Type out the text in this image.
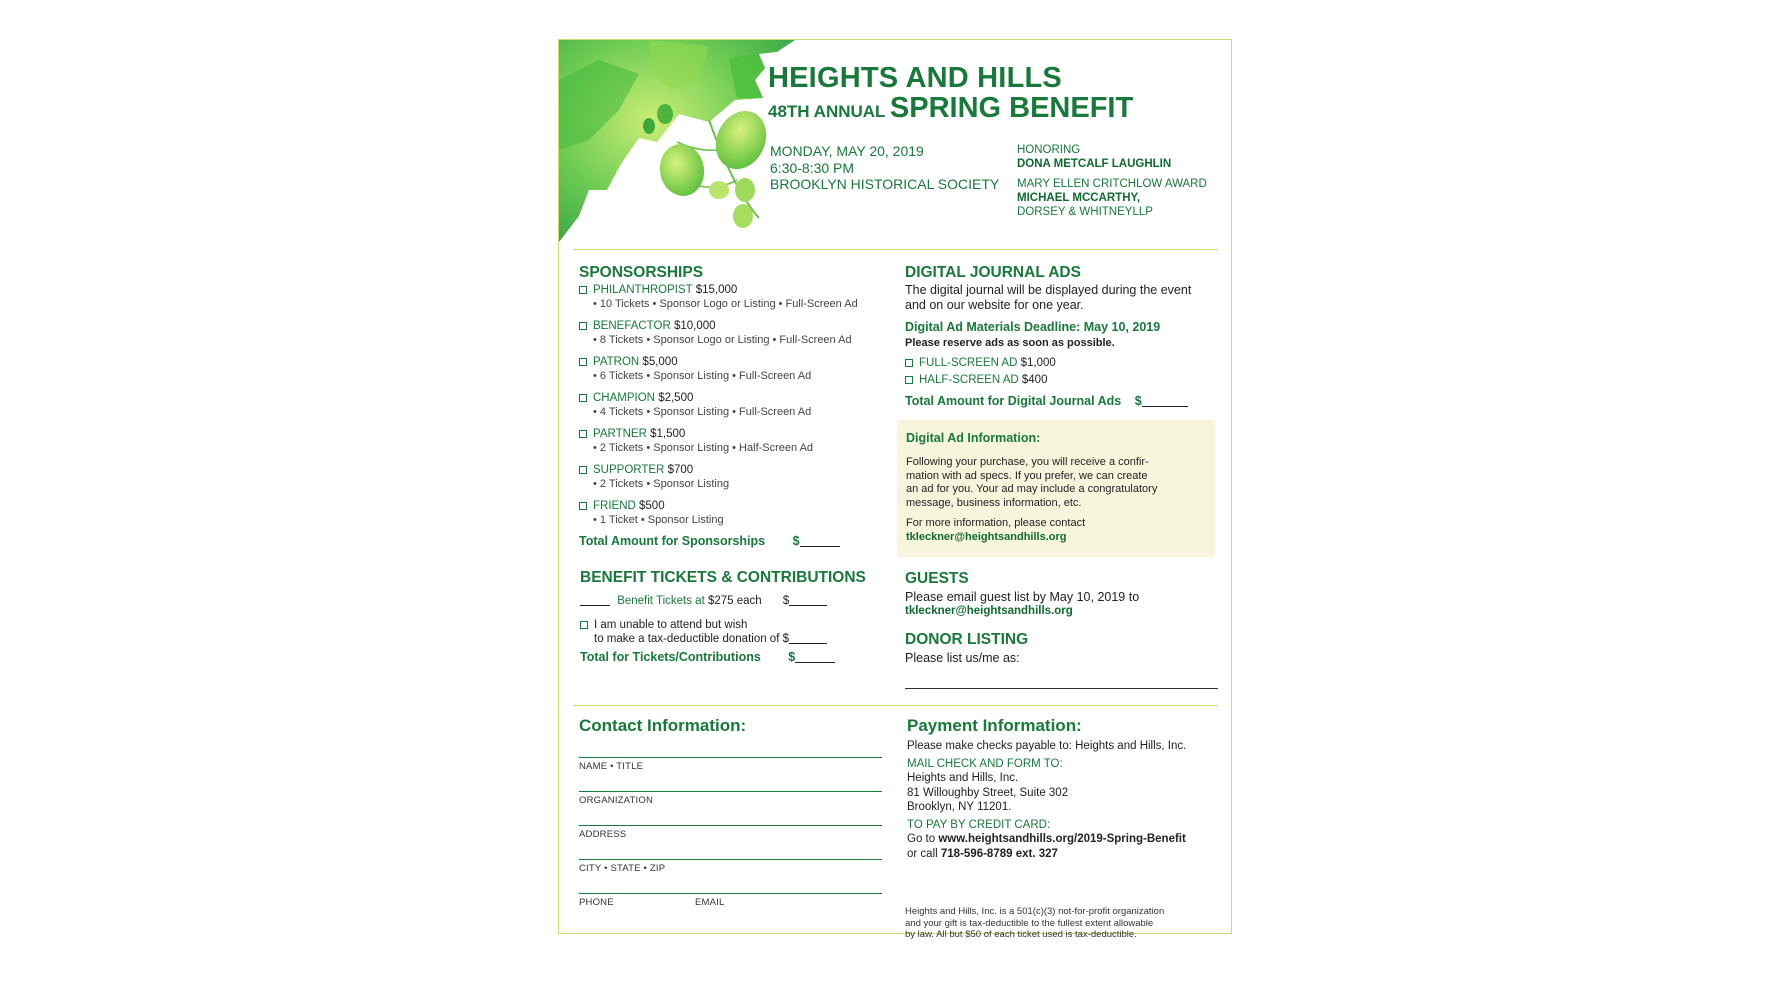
HEIGHTS AND HILLS
48TH ANNUAL SPRING BENEFIT
MONDAY, MAY 20, 2019
6:30-8:30 PM
BROOKLYN HISTORICAL SOCIETY
HONORING
DONA METCALF LAUGHLIN
MARY ELLEN CRITCHLOW AWARD
MICHAEL MCCARTHY,
DORSEY & WHITNEYLLP
SPONSORSHIPS
PHILANTHROPIST $15,000
• 10 Tickets • Sponsor Logo or Listing • Full-Screen Ad
BENEFACTOR $10,000
• 8 Tickets • Sponsor Logo or Listing • Full-Screen Ad
PATRON $5,000
• 6 Tickets • Sponsor Listing • Full-Screen Ad
CHAMPION $2,500
• 4 Tickets • Sponsor Listing • Full-Screen Ad
PARTNER $1,500
• 2 Tickets • Sponsor Listing • Half-Screen Ad
SUPPORTER $700
• 2 Tickets • Sponsor Listing
FRIEND $500
• 1 Ticket • Sponsor Listing
Total Amount for Sponsorships $
BENEFIT TICKETS & CONTRIBUTIONS
Benefit Tickets at $275 each $
I am unable to attend but wish
to make a tax-deductible donation of $
Total for Tickets/Contributions $
DIGITAL JOURNAL ADS
The digital journal will be displayed during the event
and on our website for one year.
Digital Ad Materials Deadline: May 10, 2019
Please reserve ads as soon as possible.
FULL-SCREEN AD $1,000
HALF-SCREEN AD $400
Total Amount for Digital Journal Ads $
Digital Ad Information:
Following your purchase, you will receive a confir-
mation with ad specs. If you prefer, we can create
an ad for you. Your ad may include a congratulatory
message, business information, etc.
For more information, please contact
tkleckner@heightsandhills.org
GUESTS
Please email guest list by May 10, 2019 to
tkleckner@heightsandhills.org
DONOR LISTING
Please list us/me as:
Contact Information:
NAME • TITLE
ORGANIZATION
ADDRESS
CITY • STATE • ZIP
PHONE	EMAIL
Payment Information:
Please make checks payable to: Heights and Hills, Inc.
MAIL CHECK AND FORM TO:
Heights and Hills, Inc.
81 Willoughby Street, Suite 302
Brooklyn, NY 11201.
TO PAY BY CREDIT CARD:
Go to www.heightsandhills.org/2019-Spring-Benefit
or call 718-596-8789 ext. 327
Heights and Hills, Inc. is a 501(c)(3) not-for-profit organization
and your gift is tax-deductible to the fullest extent allowable
by law. All but $50 of each ticket used is tax-deductible.
